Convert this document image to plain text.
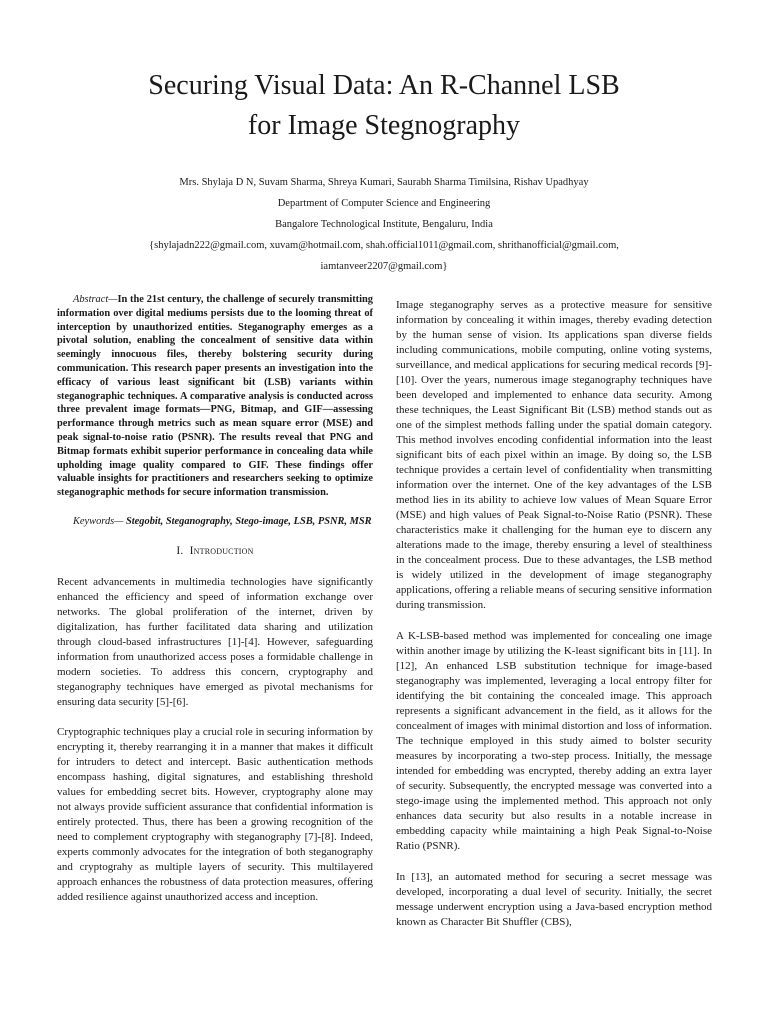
Securing Visual Data: An R-Channel LSB
for Image Stegnography
Mrs. Shylaja D N, Suvam Sharma, Shreya Kumari, Saurabh Sharma Timilsina, Rishav Upadhyay
Department of Computer Science and Engineering
Bangalore Technological Institute, Bengaluru, India
{shylajadn222@gmail.com, xuvam@hotmail.com, shah.official1011@gmail.com, shrithanofficial@gmail.com,
iamtanveer2207@gmail.com}

Abstract—In the 21st century, the challenge of securely transmitting information over digital mediums persists due to the looming threat of interception by unauthorized entities. Steganography emerges as a pivotal solution, enabling the concealment of sensitive data within seemingly innocuous files, thereby bolstering security during communication. This research paper presents an investigation into the efficacy of various least significant bit (LSB) variants within steganographic techniques. A comparative analysis is conducted across three prevalent image formats—PNG, Bitmap, and GIF—assessing performance through metrics such as mean square error (MSE) and peak signal-to-noise ratio (PSNR). The results reveal that PNG and Bitmap formats exhibit superior performance in concealing data while upholding image quality compared to GIF. These findings offer valuable insights for practitioners and researchers seeking to optimize steganographic methods for secure information transmission.

Keywords— Stegobit, Steganography, Stego-image, LSB, PSNR, MSR

I. Introduction

Recent advancements in multimedia technologies have significantly enhanced the efficiency and speed of information exchange over networks. The global proliferation of the internet, driven by digitalization, has further facilitated data sharing and utilization through cloud-based infrastructures [1]-[4]. However, safeguarding information from unauthorized access poses a formidable challenge in modern societies. To address this concern, cryptography and steganography techniques have emerged as pivotal mechanisms for ensuring data security [5]-[6].

Cryptographic techniques play a crucial role in securing information by encrypting it, thereby rearranging it in a manner that makes it difficult for intruders to detect and intercept. Basic authentication methods encompass hashing, digital signatures, and establishing threshold values for embedding secret bits. However, cryptography alone may not always provide sufficient assurance that confidential information is entirely protected. Thus, there has been a growing recognition of the need to complement cryptography with steganography [7]-[8]. Indeed, experts commonly advocates for the integration of both steganography and cryptograhy as multiple layers of security. This multilayered approach enhances the robustness of data protection measures, offering added resilience against unauthorized access and inception.

Image steganography serves as a protective measure for sensitive information by concealing it within images, thereby evading detection by the human sense of vision. Its applications span diverse fields including communications, mobile computing, online voting systems, surveillance, and medical applications for securing medical records [9]-[10]. Over the years, numerous image steganography techniques have been developed and implemented to enhance data security. Among these techniques, the Least Significant Bit (LSB) method stands out as one of the simplest methods falling under the spatial domain category. This method involves encoding confidential information into the least significant bits of each pixel within an image. By doing so, the LSB technique provides a certain level of confidentiality when transmitting information over the internet. One of the key advantages of the LSB method lies in its ability to achieve low values of Mean Square Error (MSE) and high values of Peak Signal-to-Noise Ratio (PSNR). These characteristics make it challenging for the human eye to discern any alterations made to the image, thereby ensuring a level of stealthiness in the concealment process. Due to these advantages, the LSB method is widely utilized in the development of image steganography applications, offering a reliable means of securing sensitive information during transmission.

A K-LSB-based method was implemented for concealing one image within another image by utilizing the K-least significant bits in [11]. In [12], An enhanced LSB substitution technique for image-based steganography was implemented, leveraging a local entropy filter for identifying the bit containing the concealed image. This approach represents a significant advancement in the field, as it allows for the concealment of images with minimal distortion and loss of information. The technique employed in this study aimed to bolster security measures by incorporating a two-step process. Initially, the message intended for embedding was encrypted, thereby adding an extra layer of security. Subsequently, the encrypted message was converted into a stego-image using the implemented method. This approach not only enhances data security but also results in a notable increase in embedding capacity while maintaining a high Peak Signal-to-Noise Ratio (PSNR).

In [13], an automated method for securing a secret message was developed, incorporating a dual level of security. Initially, the secret message underwent encryption using a Java-based encryption method known as Character Bit Shuffler (CBS),
